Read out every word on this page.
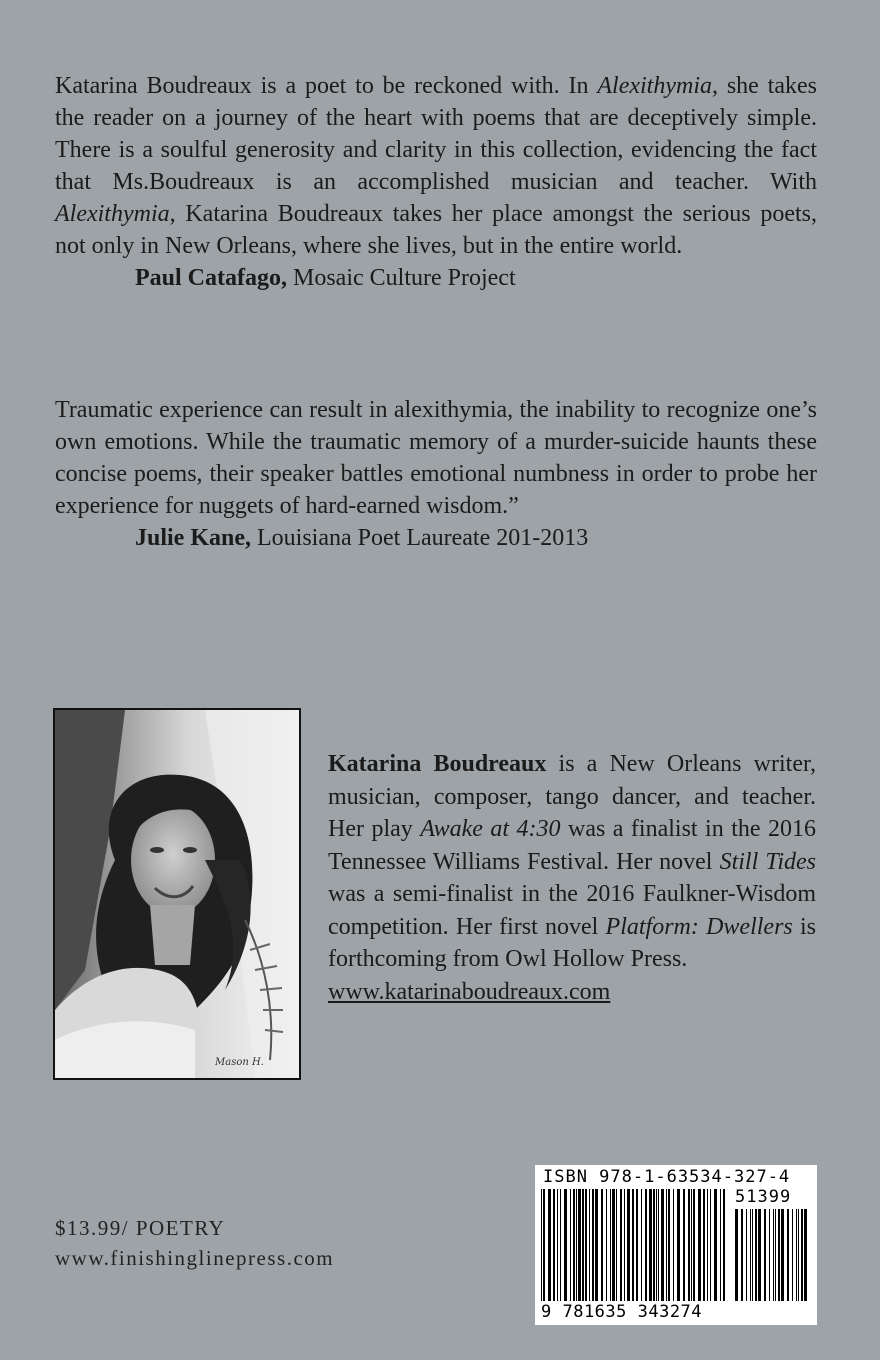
Katarina Boudreaux is a poet to be reckoned with. In Alexithymia, she takes the reader on a journey of the heart with poems that are deceptively simple. There is a soulful generosity and clarity in this collection, evidencing the fact that Ms.Boudreaux is an accomplished musician and teacher. With Alexithymia, Katarina Boudreaux takes her place amongst the serious poets, not only in New Orleans, where she lives, but in the entire world.

Paul Catafago, Mosaic Culture Project

Traumatic experience can result in alexithymia, the inability to recognize one’s own emotions. While the traumatic memory of a murder-suicide haunts these concise poems, their speaker battles emotional numbness in order to probe her experience for nuggets of hard-earned wisdom.”

Julie Kane, Louisiana Poet Laureate 201-2013

Mason H.

Katarina Boudreaux is a New Orleans writer, musician, composer, tango dancer, and teacher. Her play Awake at 4:30 was a finalist in the 2016 Tennessee Williams Festival. Her novel Still Tides was a semi-finalist in the 2016 Faulkner-Wisdom competition. Her first novel Platform: Dwellers is forthcoming from Owl Hollow Press.

www.katarinaboudreaux.com
$13.99/ POETRY
www.finishinglinepress.com
ISBN 978-1-63534-327-4
51399
9 781635 343274
